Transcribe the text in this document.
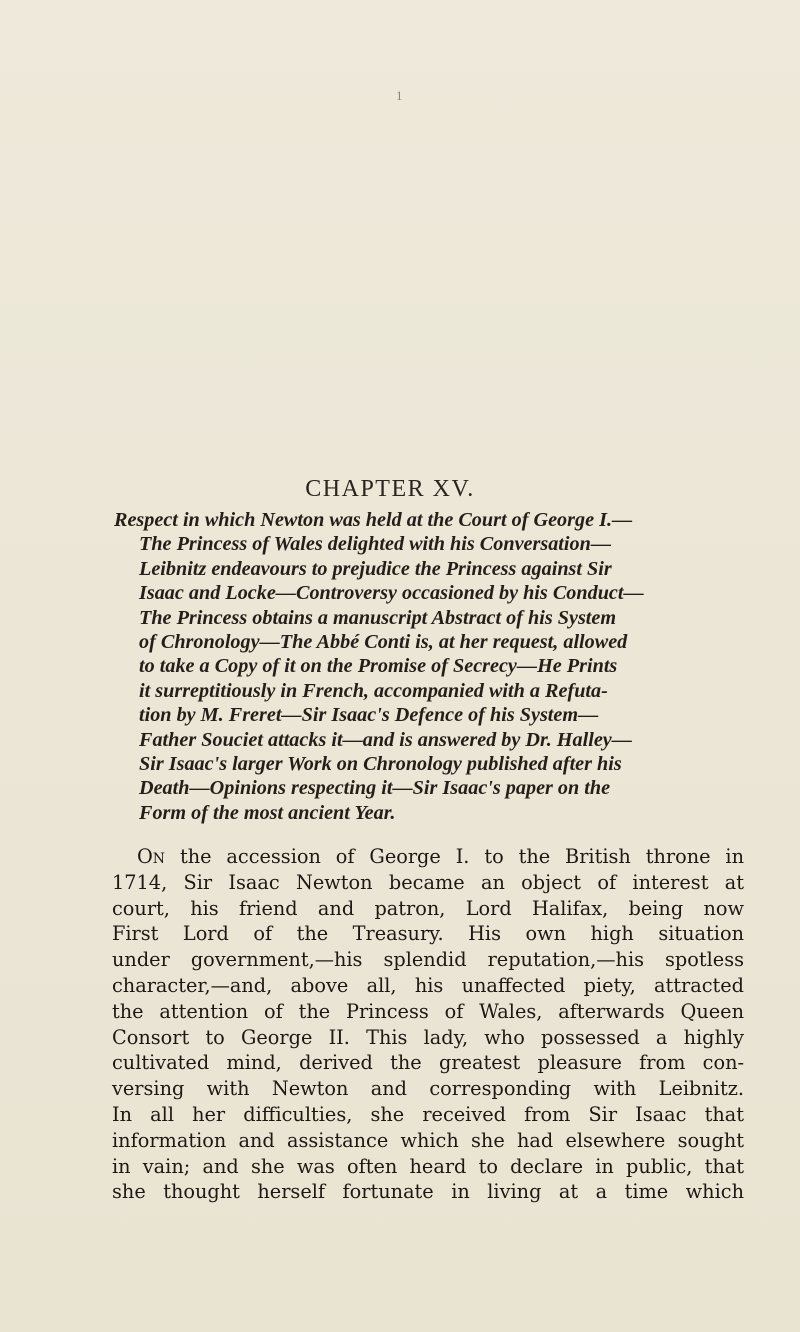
1
CHAPTER XV.
Respect in which Newton was held at the Court of George I.—
The Princess of Wales delighted with his Conversation—
Leibnitz endeavours to prejudice the Princess against Sir
Isaac and Locke—Controversy occasioned by his Conduct—
The Princess obtains a manuscript Abstract of his System
of Chronology—The Abbé Conti is, at her request, allowed
to take a Copy of it on the Promise of Secrecy—He Prints
it surreptitiously in French, accompanied with a Refuta-
tion by M. Freret—Sir Isaac's Defence of his System—
Father Souciet attacks it—and is answered by Dr. Halley—
Sir Isaac's larger Work on Chronology published after his
Death—Opinions respecting it—Sir Isaac's paper on the
Form of the most ancient Year.
On the accession of George I. to the British throne in
1714, Sir Isaac Newton became an object of interest at
court, his friend and patron, Lord Halifax, being now
First Lord of the Treasury. His own high situation
under government,—his splendid reputation,—his spotless
character,—and, above all, his unaffected piety, attracted
the attention of the Princess of Wales, afterwards Queen
Consort to George II. This lady, who possessed a highly
cultivated mind, derived the greatest pleasure from con-
versing with Newton and corresponding with Leibnitz.
In all her difficulties, she received from Sir Isaac that
information and assistance which she had elsewhere sought
in vain; and she was often heard to declare in public, that
she thought herself fortunate in living at a time which
